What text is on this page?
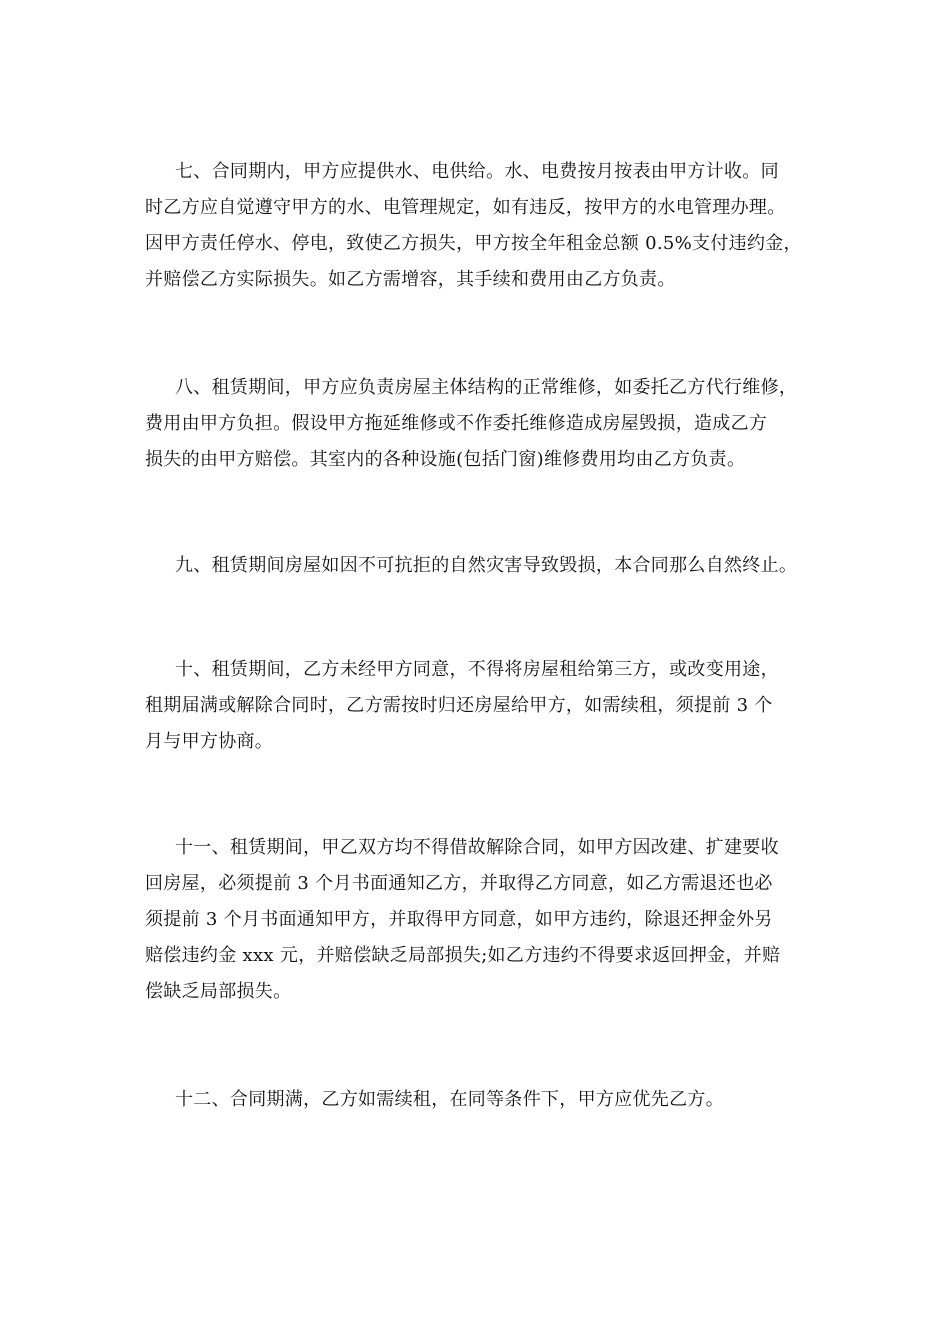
七、合同期内，甲方应提供水、电供给。水、电费按月按表由甲方计收。同
时乙方应自觉遵守甲方的水、电管理规定，如有违反，按甲方的水电管理办理。
因甲方责任停水、停电，致使乙方损失，甲方按全年租金总额 0.5%支付违约金，
并赔偿乙方实际损失。如乙方需增容，其手续和费用由乙方负责。

八、租赁期间，甲方应负责房屋主体结构的正常维修，如委托乙方代行维修，
费用由甲方负担。假设甲方拖延维修或不作委托维修造成房屋毁损，造成乙方
损失的由甲方赔偿。其室内的各种设施(包括门窗)维修费用均由乙方负责。

九、租赁期间房屋如因不可抗拒的自然灾害导致毁损，本合同那么自然终止。

十、租赁期间，乙方未经甲方同意，不得将房屋租给第三方，或改变用途，
租期届满或解除合同时，乙方需按时归还房屋给甲方，如需续租，须提前 3 个
月与甲方协商。

十一、租赁期间，甲乙双方均不得借故解除合同，如甲方因改建、扩建要收
回房屋，必须提前 3 个月书面通知乙方，并取得乙方同意，如乙方需退还也必
须提前 3 个月书面通知甲方，并取得甲方同意，如甲方违约，除退还押金外另
赔偿违约金 xxx 元，并赔偿缺乏局部损失;如乙方违约不得要求返回押金，并赔
偿缺乏局部损失。

十二、合同期满，乙方如需续租，在同等条件下，甲方应优先乙方。
